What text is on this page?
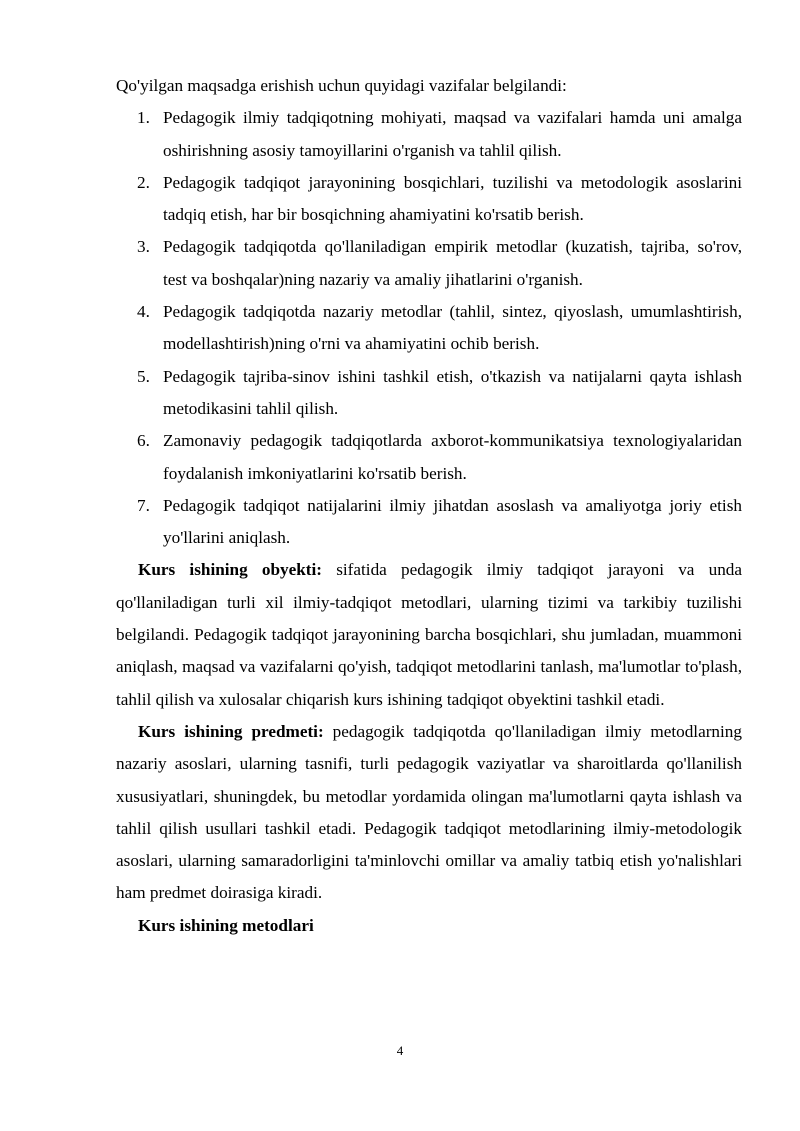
Qo'yilgan maqsadga erishish uchun quyidagi vazifalar belgilandi:

1. Pedagogik ilmiy tadqiqotning mohiyati, maqsad va vazifalari hamda uni amalga oshirishning asosiy tamoyillarini o'rganish va tahlil qilish.
2. Pedagogik tadqiqot jarayonining bosqichlari, tuzilishi va metodologik asoslarini tadqiq etish, har bir bosqichning ahamiyatini ko'rsatib berish.
3. Pedagogik tadqiqotda qo'llaniladigan empirik metodlar (kuzatish, tajriba, so'rov, test va boshqalar)ning nazariy va amaliy jihatlarini o'rganish.
4. Pedagogik tadqiqotda nazariy metodlar (tahlil, sintez, qiyoslash, umumlashtirish, modellashtirish)ning o'rni va ahamiyatini ochib berish.
5. Pedagogik tajriba-sinov ishini tashkil etish, o'tkazish va natijalarni qayta ishlash metodikasini tahlil qilish.
6. Zamonaviy pedagogik tadqiqotlarda axborot-kommunikatsiya texnologiyalaridan foydalanish imkoniyatlarini ko'rsatib berish.
7. Pedagogik tadqiqot natijalarini ilmiy jihatdan asoslash va amaliyotga joriy etish yo'llarini aniqlash.

Kurs ishining obyekti: sifatida pedagogik ilmiy tadqiqot jarayoni va unda qo'llaniladigan turli xil ilmiy-tadqiqot metodlari, ularning tizimi va tarkibiy tuzilishi belgilandi. Pedagogik tadqiqot jarayonining barcha bosqichlari, shu jumladan, muammoni aniqlash, maqsad va vazifalarni qo'yish, tadqiqot metodlarini tanlash, ma'lumotlar to'plash, tahlil qilish va xulosalar chiqarish kurs ishining tadqiqot obyektini tashkil etadi.

Kurs ishining predmeti: pedagogik tadqiqotda qo'llaniladigan ilmiy metodlarning nazariy asoslari, ularning tasnifi, turli pedagogik vaziyatlar va sharoitlarda qo'llanilish xususiyatlari, shuningdek, bu metodlar yordamida olingan ma'lumotlarni qayta ishlash va tahlil qilish usullari tashkil etadi. Pedagogik tadqiqot metodlarining ilmiy-metodologik asoslari, ularning samaradorligini ta'minlovchi omillar va amaliy tatbiq etish yo'nalishlari ham predmet doirasiga kiradi.

Kurs ishining metodlari

4
